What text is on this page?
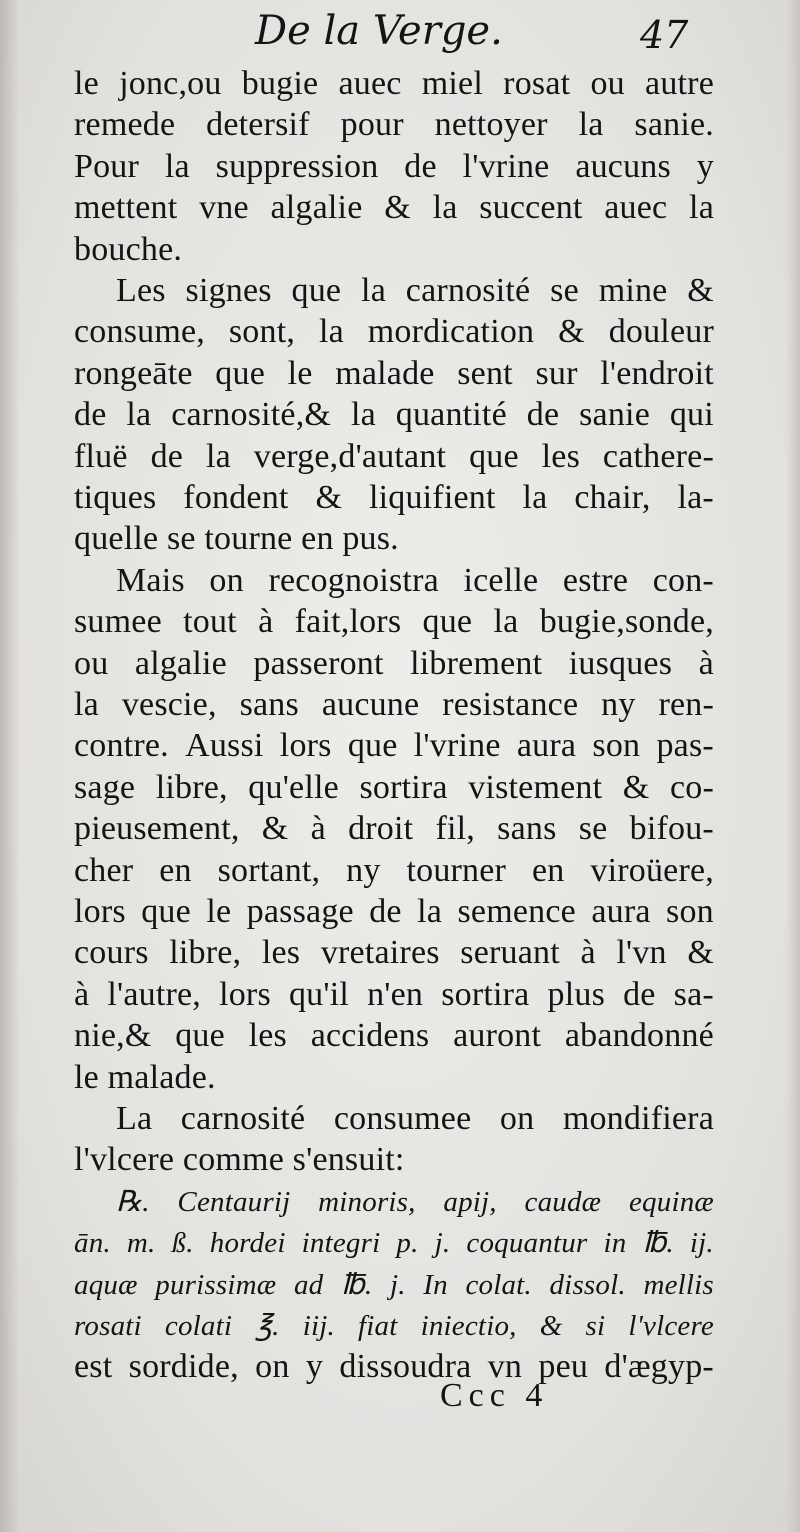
De la Verge.	47
le jonc,ou bugie auec miel rosat ou autre
remede detersif pour nettoyer la sanie.
Pour la suppression de l'vrine aucuns y
mettent vne algalie & la succent auec la
bouche.
Les signes que la carnosité se mine &
consume, sont, la mordication & douleur
rongeāte que le malade sent sur l'endroit
de la carnosité,& la quantité de sanie qui
fluë de la verge,d'autant que les cathere-
tiques fondent & liquifient la chair, la-
quelle se tourne en pus.
Mais on recognoistra icelle estre con-
sumee tout à fait,lors que la bugie,sonde,
ou algalie passeront librement iusques à
la vescie, sans aucune resistance ny ren-
contre. Aussi lors que l'vrine aura son pas-
sage libre, qu'elle sortira vistement & co-
pieusement, & à droit fil, sans se bifou-
cher en sortant, ny tourner en viroüere,
lors que le passage de la semence aura son
cours libre, les vretaires seruant à l'vn &
à l'autre, lors qu'il n'en sortira plus de sa-
nie,& que les accidens auront abandonné
le malade.
La carnosité consumee on mondifiera
l'vlcere comme s'ensuit:
℞. Centaurij minoris, apij, caudæ equinæ
ān. m. ß. hordei integri p. j. coquantur in ℔. ij.
aquæ purissimæ ad ℔. j. In colat. dissol. mellis
rosati colati ℥. iij. fiat iniectio, & si l'vlcere
est sordide, on y dissoudra vn peu d'ægyp-
Ccc 4
